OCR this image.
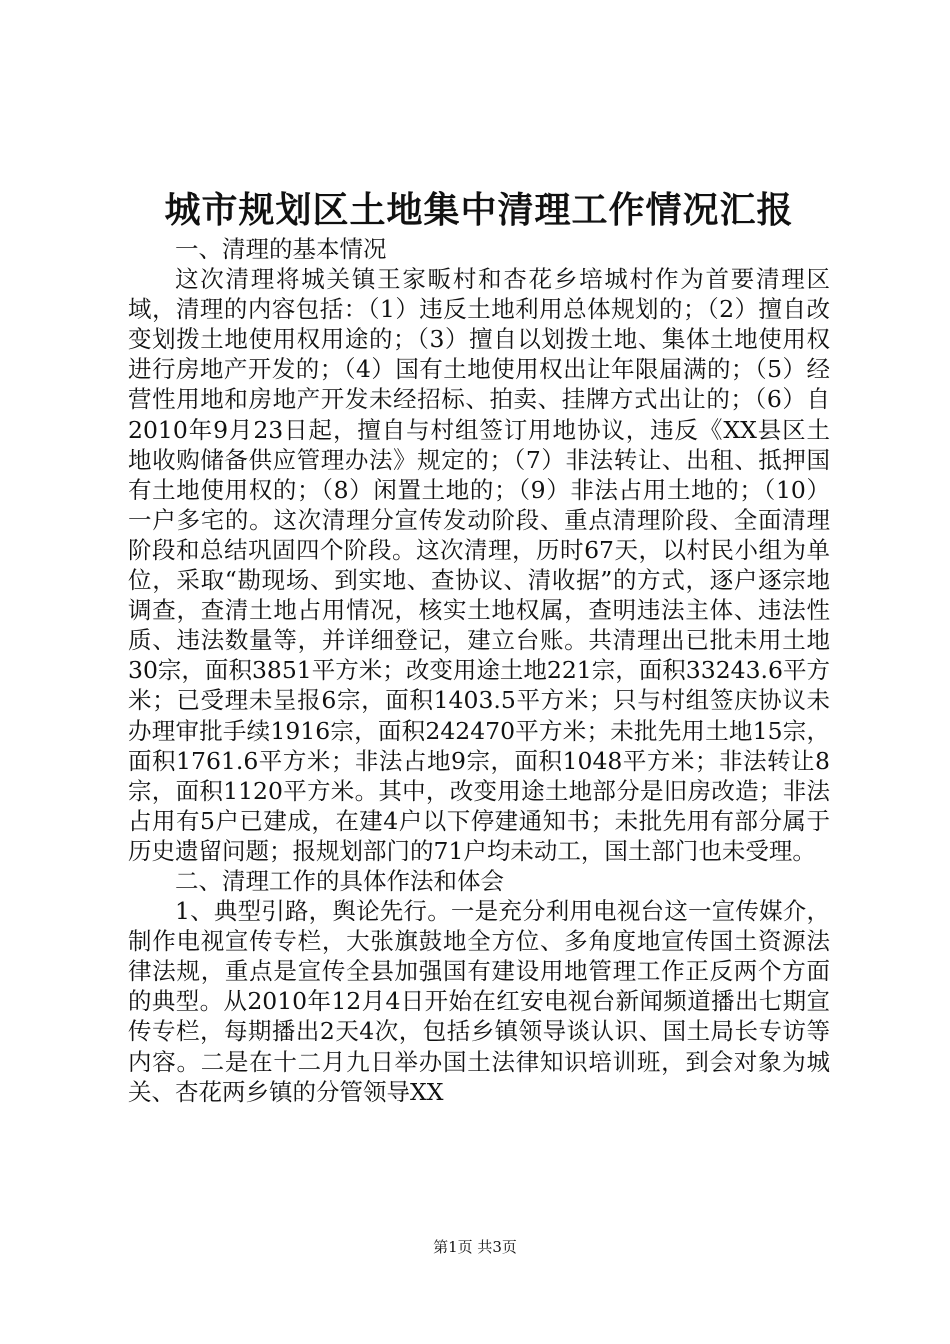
城市规划区土地集中清理工作情况汇报

一、清理的基本情况

这次清理将城关镇王家畈村和杏花乡培城村作为首要清理区域，清理的内容包括：（1）违反土地利用总体规划的；（2）擅自改变划拨土地使用权用途的；（3）擅自以划拨土地、集体土地使用权进行房地产开发的；（4）国有土地使用权出让年限届满的；（5）经营性用地和房地产开发未经招标、拍卖、挂牌方式出让的；（6）自2010年9月23日起，擅自与村组签订用地协议，违反《XX县区土地收购储备供应管理办法》规定的；（7）非法转让、出租、抵押国有土地使用权的；（8）闲置土地的；（9）非法占用土地的；（10）一户多宅的。这次清理分宣传发动阶段、重点清理阶段、全面清理阶段和总结巩固四个阶段。这次清理，历时67天，以村民小组为单位，采取“勘现场、到实地、查协议、清收据”的方式，逐户逐宗地调查，查清土地占用情况，核实土地权属，查明违法主体、违法性质、违法数量等，并详细登记，建立台账。共清理出已批未用土地30宗，面积3851平方米；改变用途土地221宗，面积33243.6平方米；已受理未呈报6宗，面积1403.5平方米；只与村组签庆协议未办理审批手续1916宗，面积242470平方米；未批先用土地15宗，面积1761.6平方米；非法占地9宗，面积1048平方米；非法转让8宗，面积1120平方米。其中，改变用途土地部分是旧房改造；非法占用有5户已建成，在建4户以下停建通知书；未批先用有部分属于历史遗留问题；报规划部门的71户均未动工，国土部门也未受理。

二、清理工作的具体作法和体会

1、典型引路，舆论先行。一是充分利用电视台这一宣传媒介，制作电视宣传专栏，大张旗鼓地全方位、多角度地宣传国土资源法律法规，重点是宣传全县加强国有建设用地管理工作正反两个方面的典型。从2010年12月4日开始在红安电视台新闻频道播出七期宣传专栏，每期播出2天4次，包括乡镇领导谈认识、国土局长专访等内容。二是在十二月九日举办国土法律知识培训班，到会对象为城关、杏花两乡镇的分管领导XX

第1页 共3页
